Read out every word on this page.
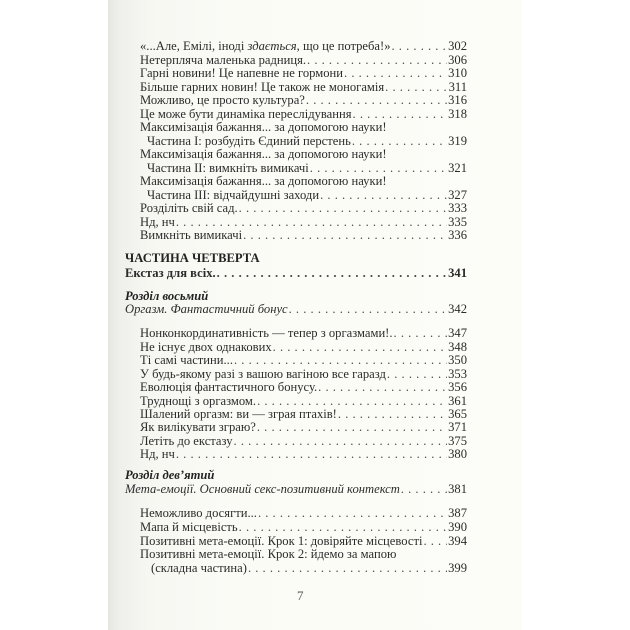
«...Але, Емілі, іноді здається, що це потреба!» . . .	302
Нетерпляча маленька радниця. . . .	306
Гарні новини! Це напевне не гормони . . .	310
Більше гарних новин! Це також не моногамія . . .	311
Можливо, це просто культура? . . .	316
Це може бути динаміка переслідування . . .	318
Максимізація бажання... за допомогою науки!
Частина I: розбудіть Єдиний перстень . . .	319
Максимізація бажання... за допомогою науки!
Частина II: вимкніть вимикачі . . .	321
Максимізація бажання... за допомогою науки!
Частина III: відчайдушні заходи . . .	327
Розділіть свій сад. . . .	333
Нд, нч . . .	335
Вимкніть вимикачі . . .	336
ЧАСТИНА ЧЕТВЕРТА
Екстаз для всіх. . . .	341
Розділ восьмий
Оргазм. Фантастичний бонус . . .	342
Нонконкординативність — тепер з оргазмами!. . . .	347
Не існує двох однакових . . .	348
Ті самі частини... . . .	350
У будь-якому разі з вашою вагіною все гаразд . . .	353
Еволюція фантастичного бонусу. . . .	356
Труднощі з оргазмом. . . .	361
Шалений оргазм: ви — зграя птахів! . . .	365
Як вилікувати зграю? . . .	371
Летіть до екстазу . . .	375
Нд, нч . . .	380
Розділ дев’ятий
Мета-емоції. Основний секс-позитивний контекст . . .	381
Неможливо досягти... . . .	387
Мапа й місцевість . . .	390
Позитивні мета-емоції. Крок 1: довіряйте місцевості . . . 394
Позитивні мета-емоції. Крок 2: йдемо за мапою
(складна частина) . . .	399
7
